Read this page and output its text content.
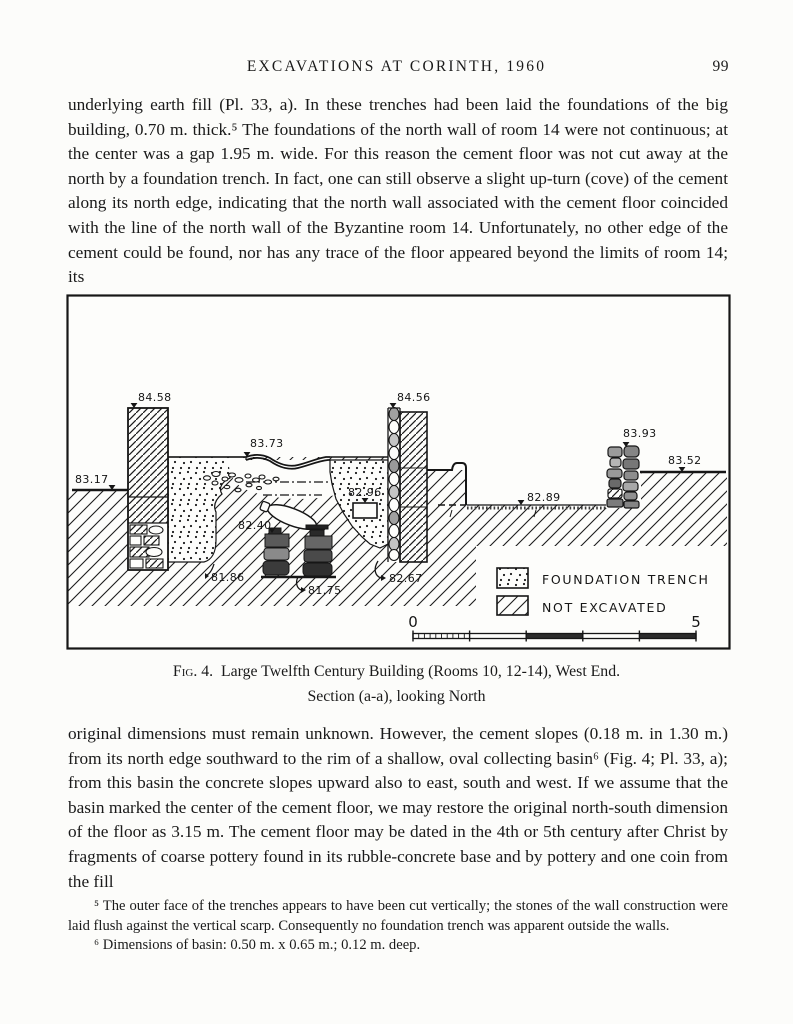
EXCAVATIONS AT CORINTH, 1960	99

underlying earth fill (Pl. 33, a). In these trenches had been laid the foundations of the big building, 0.70 m. thick.⁵ The foundations of the north wall of room 14 were not continuous; at the center was a gap 1.95 m. wide. For this reason the cement floor was not cut away at the north by a foundation trench. In fact, one can still observe a slight up-turn (cove) of the cement along its north edge, indicating that the north wall associated with the cement floor coincided with the line of the north wall of the Byzantine room 14. Unfortunately, no other edge of the cement could be found, nor has any trace of the floor appeared beyond the limits of room 14; its

84.58
83.73
84.56
83.93
83.52
83.17
82.96	82.89
82.40
81.86
81.75
82.67	FOUNDATION TRENCH
NOT EXCAVATED
0	5
Fig. 4. Large Twelfth Century Building (Rooms 10, 12-14), West End.
Section (a-a), looking North

original dimensions must remain unknown. However, the cement slopes (0.18 m. in 1.30 m.) from its north edge southward to the rim of a shallow, oval collecting basin⁶ (Fig. 4; Pl. 33, a); from this basin the concrete slopes upward also to east, south and west. If we assume that the basin marked the center of the cement floor, we may restore the original north-south dimension of the floor as 3.15 m. The cement floor may be dated in the 4th or 5th century after Christ by fragments of coarse pottery found in its rubble-concrete base and by pottery and one coin from the fill

⁵ The outer face of the trenches appears to have been cut vertically; the stones of the wall construction were laid flush against the vertical scarp. Consequently no foundation trench was apparent outside the walls.

⁶ Dimensions of basin: 0.50 m. x 0.65 m.; 0.12 m. deep.
